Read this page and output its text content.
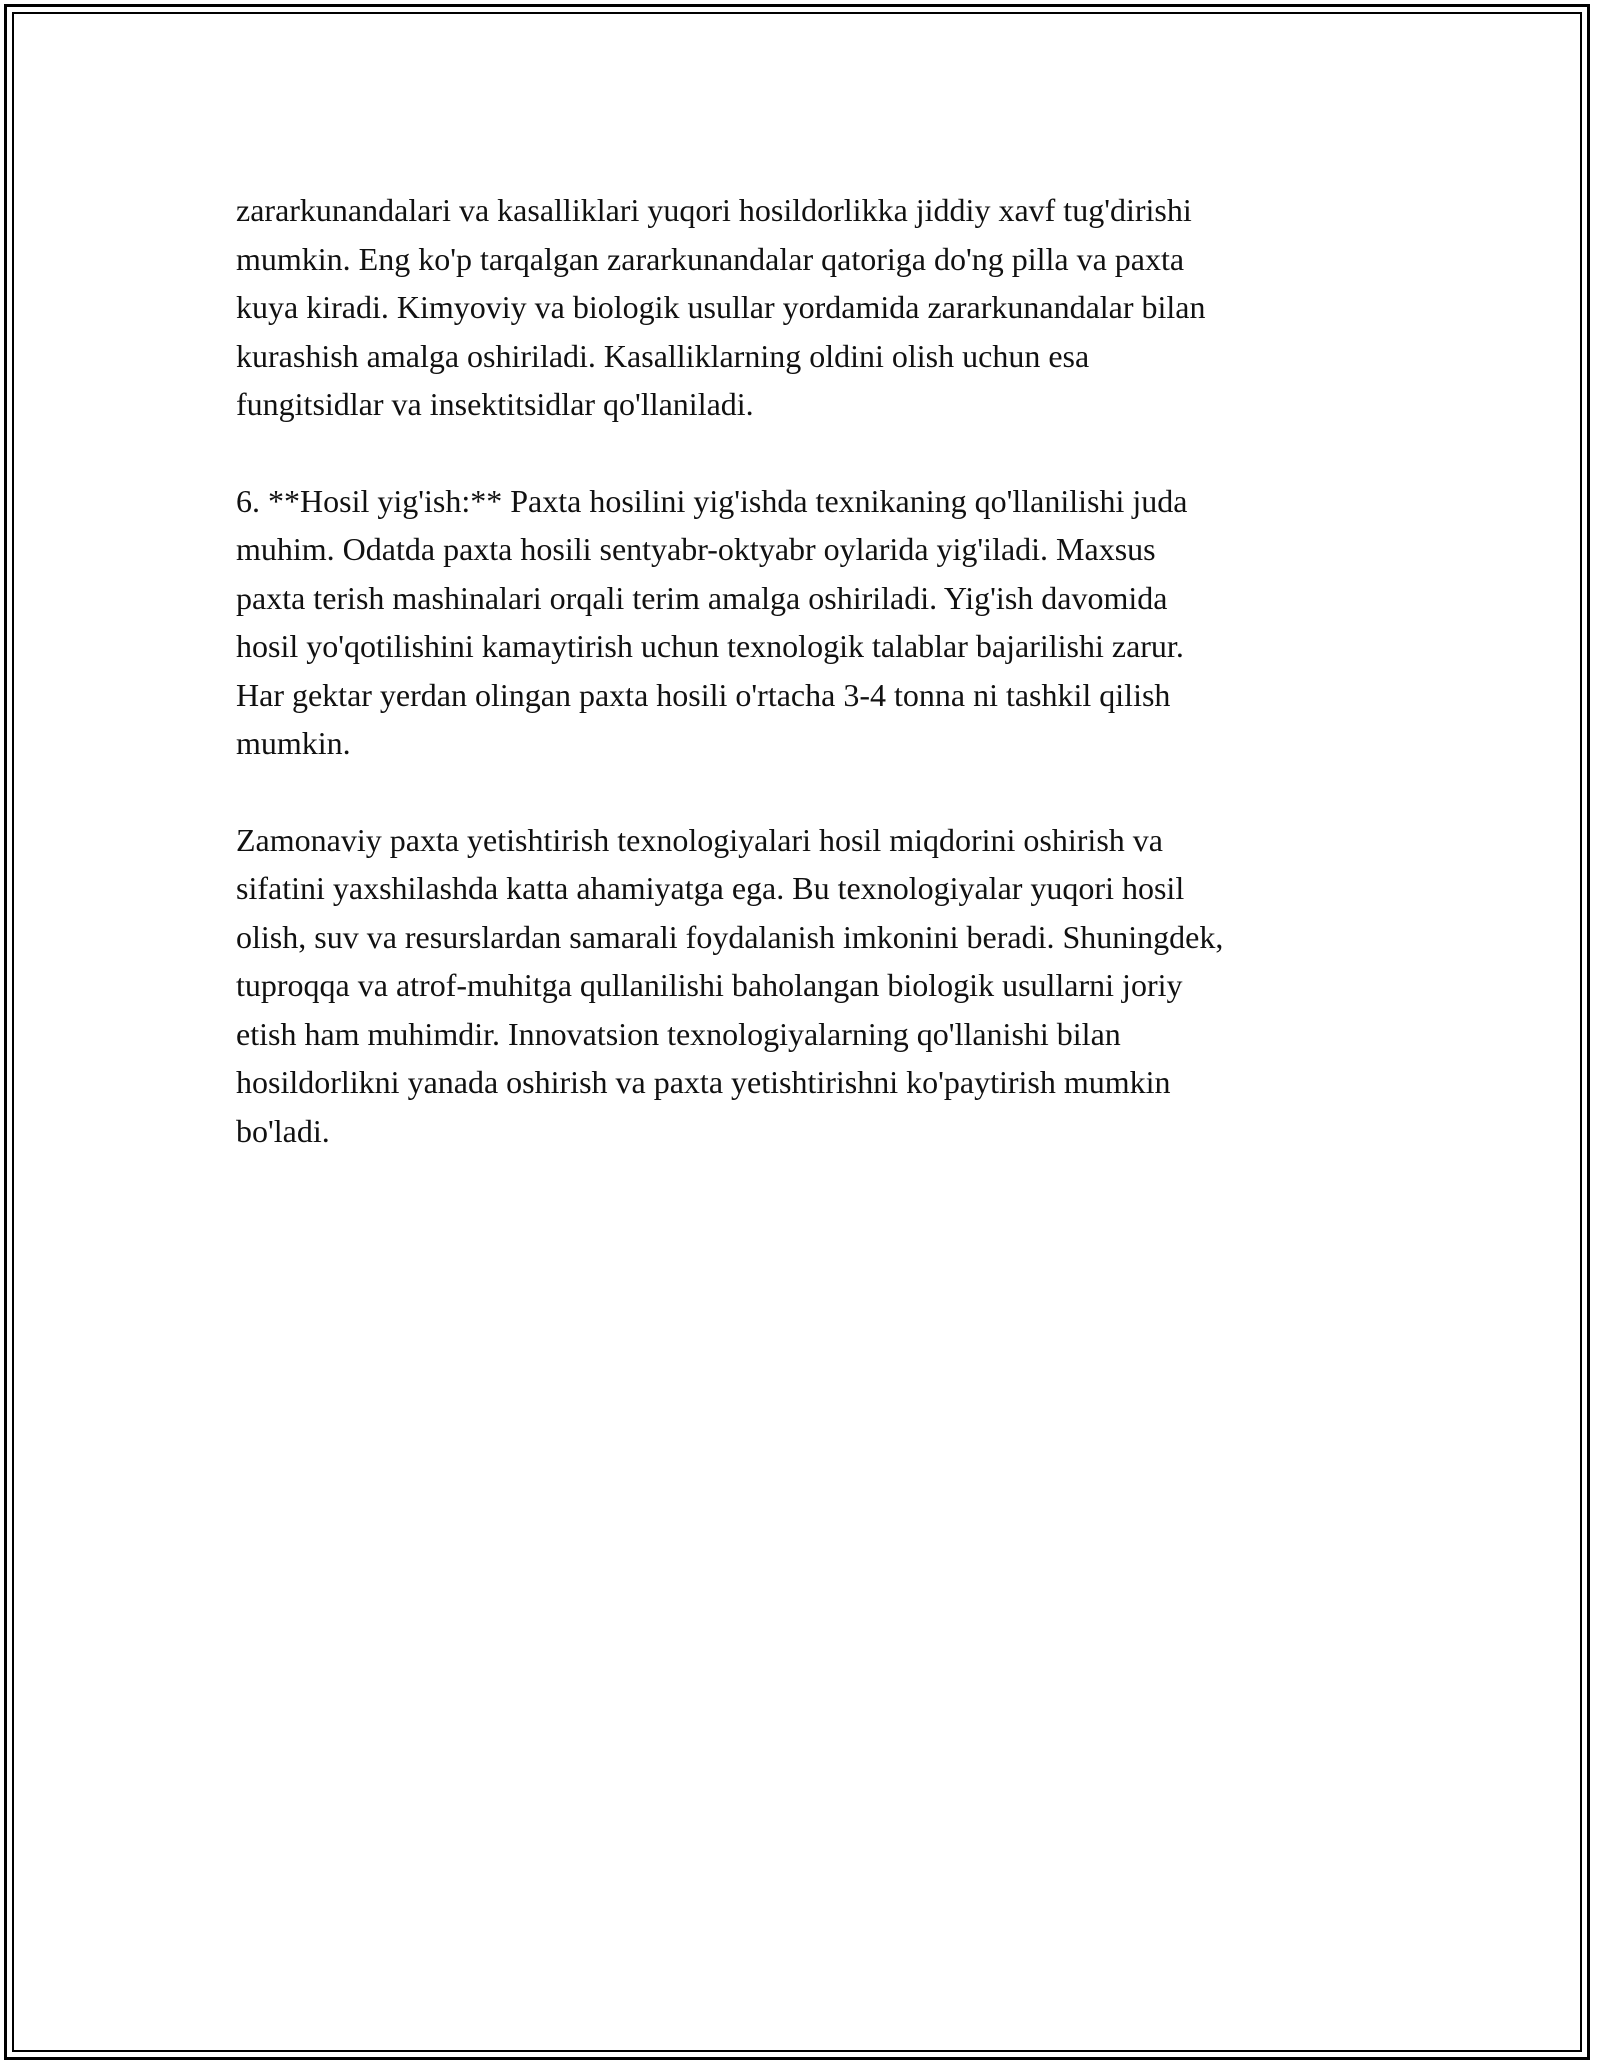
zararkunandalari va kasalliklari yuqori hosildorlikka jiddiy xavf tug'dirishi
mumkin. Eng ko'p tarqalgan zararkunandalar qatoriga do'ng pilla va paxta
kuya kiradi. Kimyoviy va biologik usullar yordamida zararkunandalar bilan
kurashish amalga oshiriladi. Kasalliklarning oldini olish uchun esa
fungitsidlar va insektitsidlar qo'llaniladi.

6. **Hosil yig'ish:** Paxta hosilini yig'ishda texnikaning qo'llanilishi juda
muhim. Odatda paxta hosili sentyabr-oktyabr oylarida yig'iladi. Maxsus
paxta terish mashinalari orqali terim amalga oshiriladi. Yig'ish davomida
hosil yo'qotilishini kamaytirish uchun texnologik talablar bajarilishi zarur.
Har gektar yerdan olingan paxta hosili o'rtacha 3-4 tonna ni tashkil qilish
mumkin.

Zamonaviy paxta yetishtirish texnologiyalari hosil miqdorini oshirish va
sifatini yaxshilashda katta ahamiyatga ega. Bu texnologiyalar yuqori hosil
olish, suv va resurslardan samarali foydalanish imkonini beradi. Shuningdek,
tuproqqa va atrof-muhitga qullanilishi baholangan biologik usullarni joriy
etish ham muhimdir. Innovatsion texnologiyalarning qo'llanishi bilan
hosildorlikni yanada oshirish va paxta yetishtirishni ko'paytirish mumkin
bo'ladi.
